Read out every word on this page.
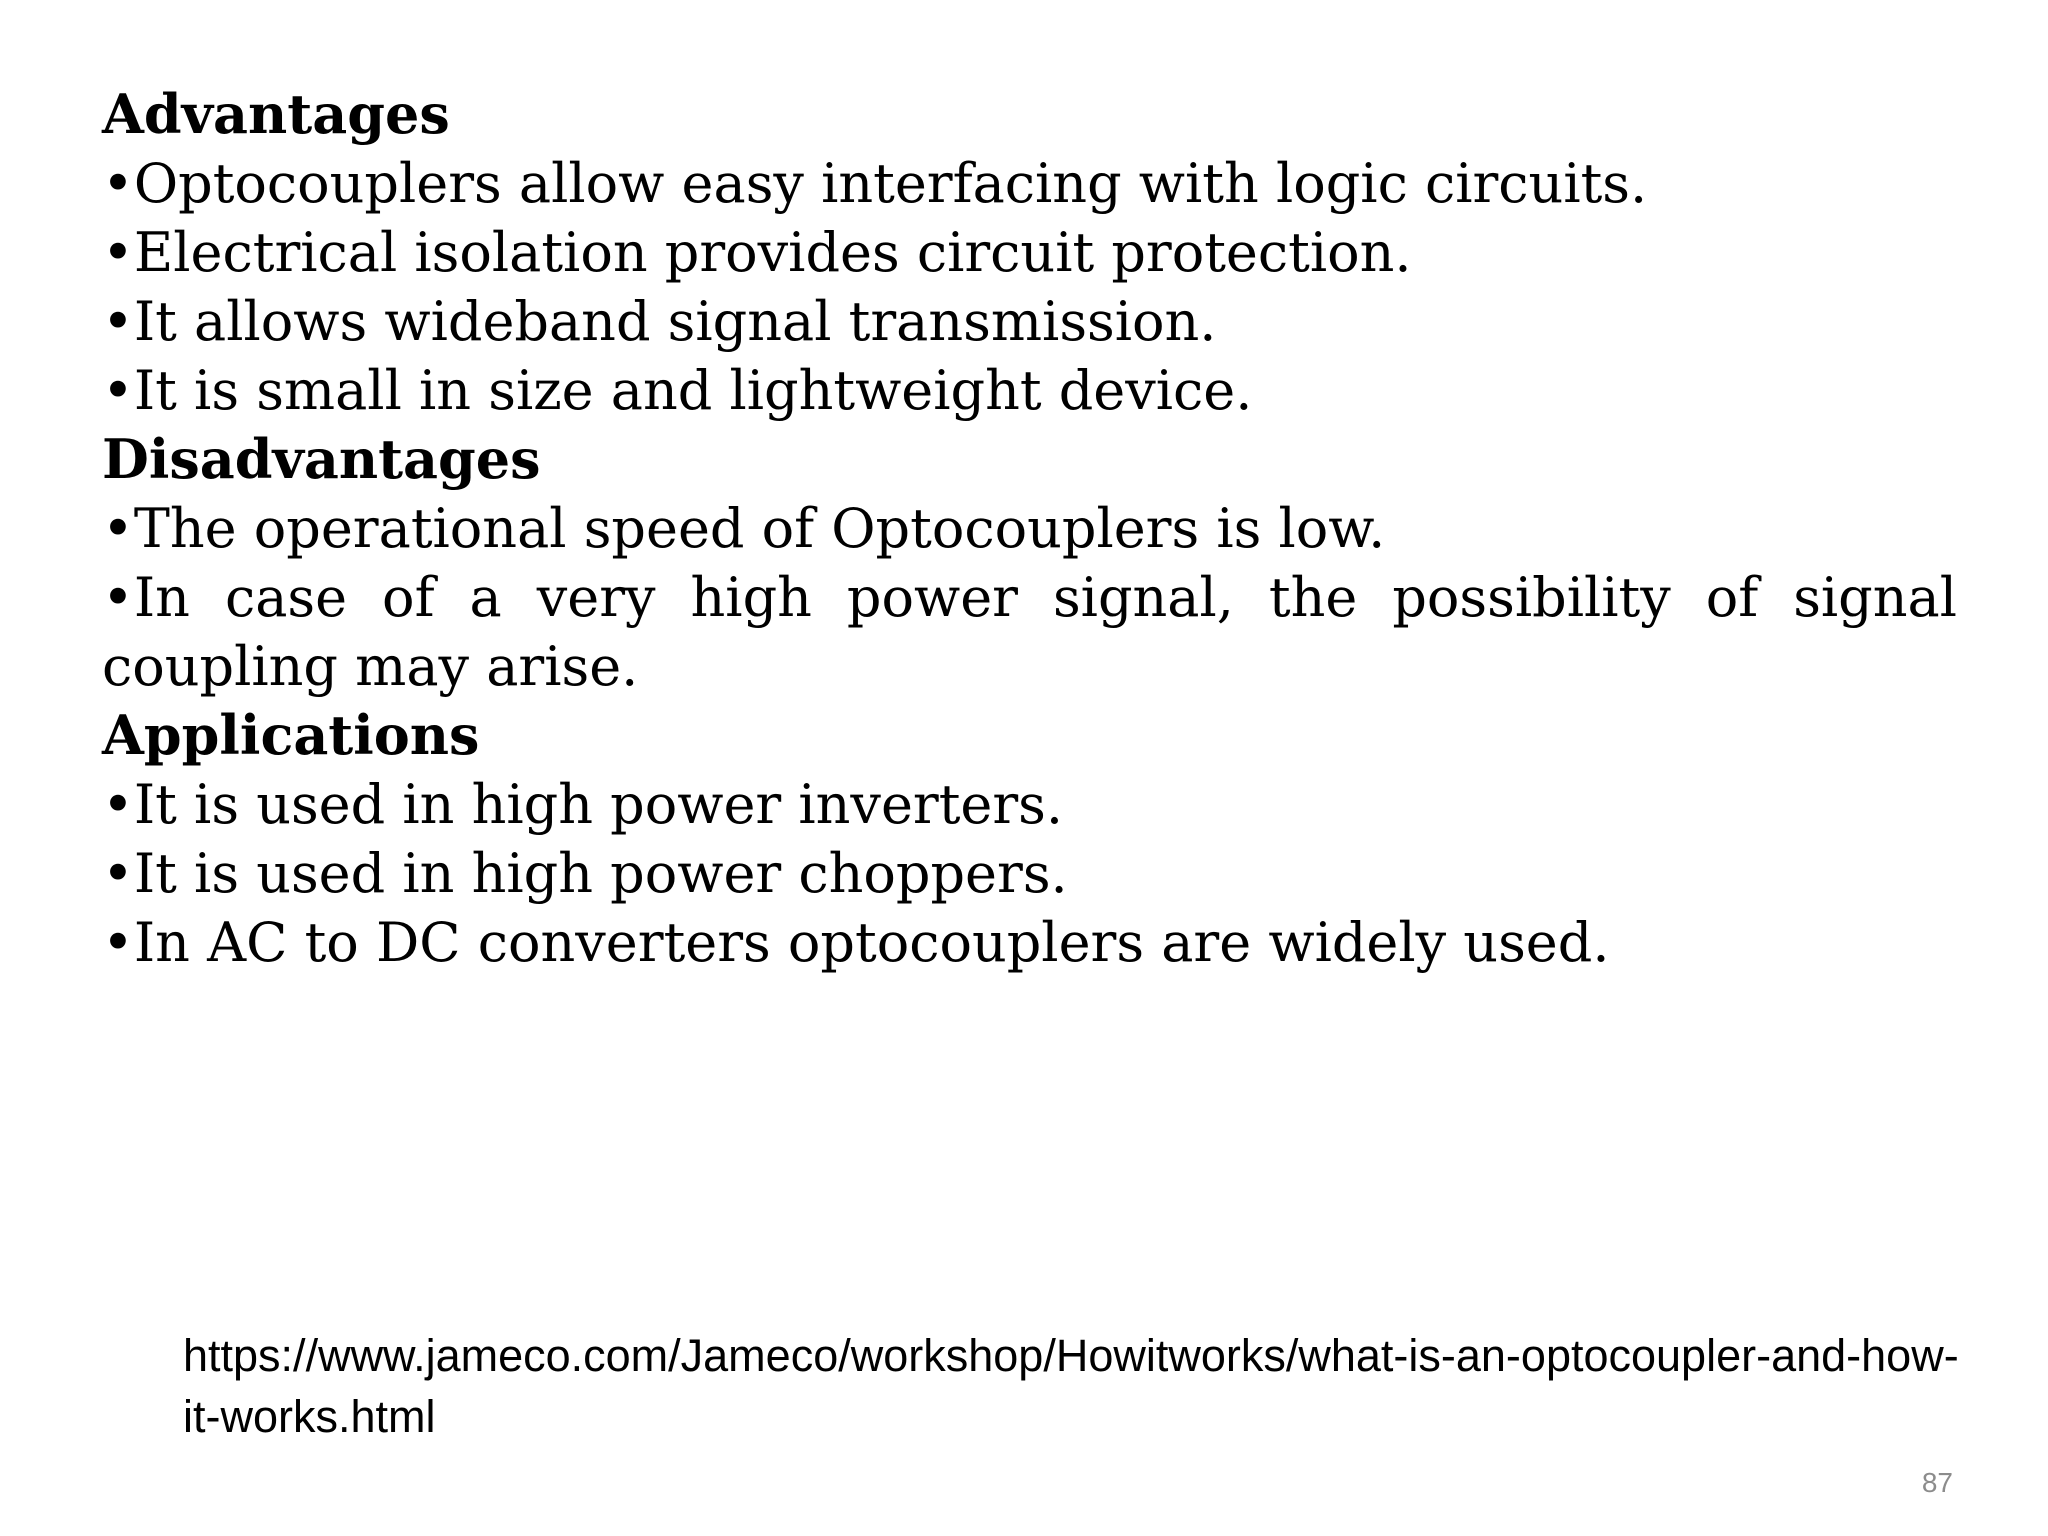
Advantages

•Optocouplers allow easy interfacing with logic circuits.

•Electrical isolation provides circuit protection.

•It allows wideband signal transmission.

•It is small in size and lightweight device.

Disadvantages

•The operational speed of Optocouplers is low.

•In case of a very high power signal, the possibility of signal coupling may arise.

Applications

•It is used in high power inverters.

•It is used in high power choppers.

•In AC to DC converters optocouplers are widely used.

https://www.jameco.com/Jameco/workshop/Howitworks/what-is-an-optocoupler-and-how-it-works.html
87
